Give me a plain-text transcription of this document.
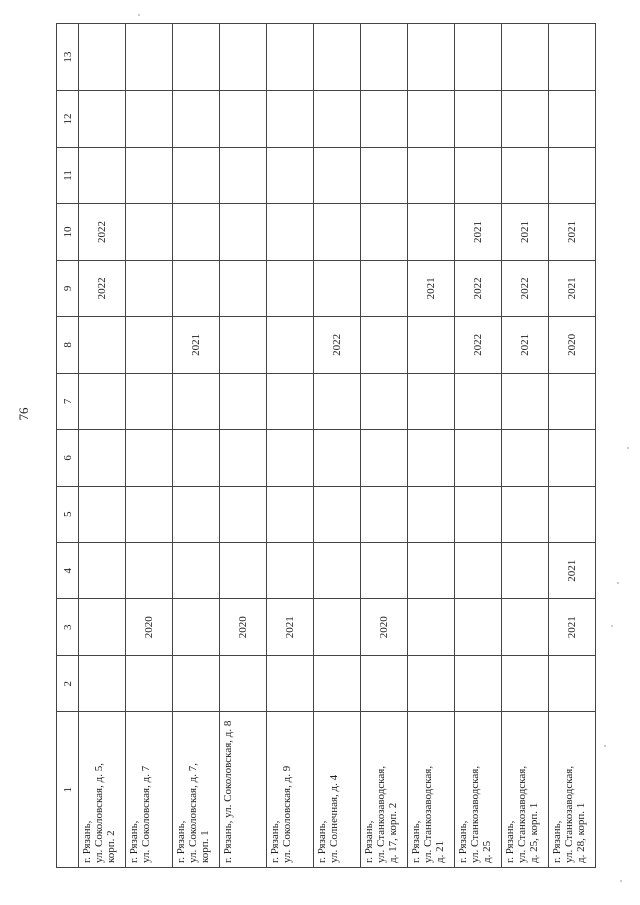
76
1	2	3	4	5	6	7	8	9	10	11	12	13

г. Рязань, ул. Соколовская, д. 5, корп. 2								2022	2022			

г. Рязань, ул. Соколовская, д. 7		2020										

г. Рязань, ул. Соколовская, д. 7, корп. 1							2021					

г. Рязань, ул. Соколовская, д. 8		2020										

г. Рязань, ул. Соколовская, д. 9		2021										

г. Рязань, ул. Солнечная, д. 4							2022					

г. Рязань, ул. Станкозаводская, д. 17, корп. 2		2020										

г. Рязань, ул. Станкозаводская, д. 21								2021				

г. Рязань, ул. Станкозаводская, д. 25							2022	2022	2021			

г. Рязань, ул. Станкозаводская, д. 25, корп. 1							2021	2022	2021			

г. Рязань, ул. Станкозаводская, д. 28, корп. 1		2021	2021				2020	2021	2021			
